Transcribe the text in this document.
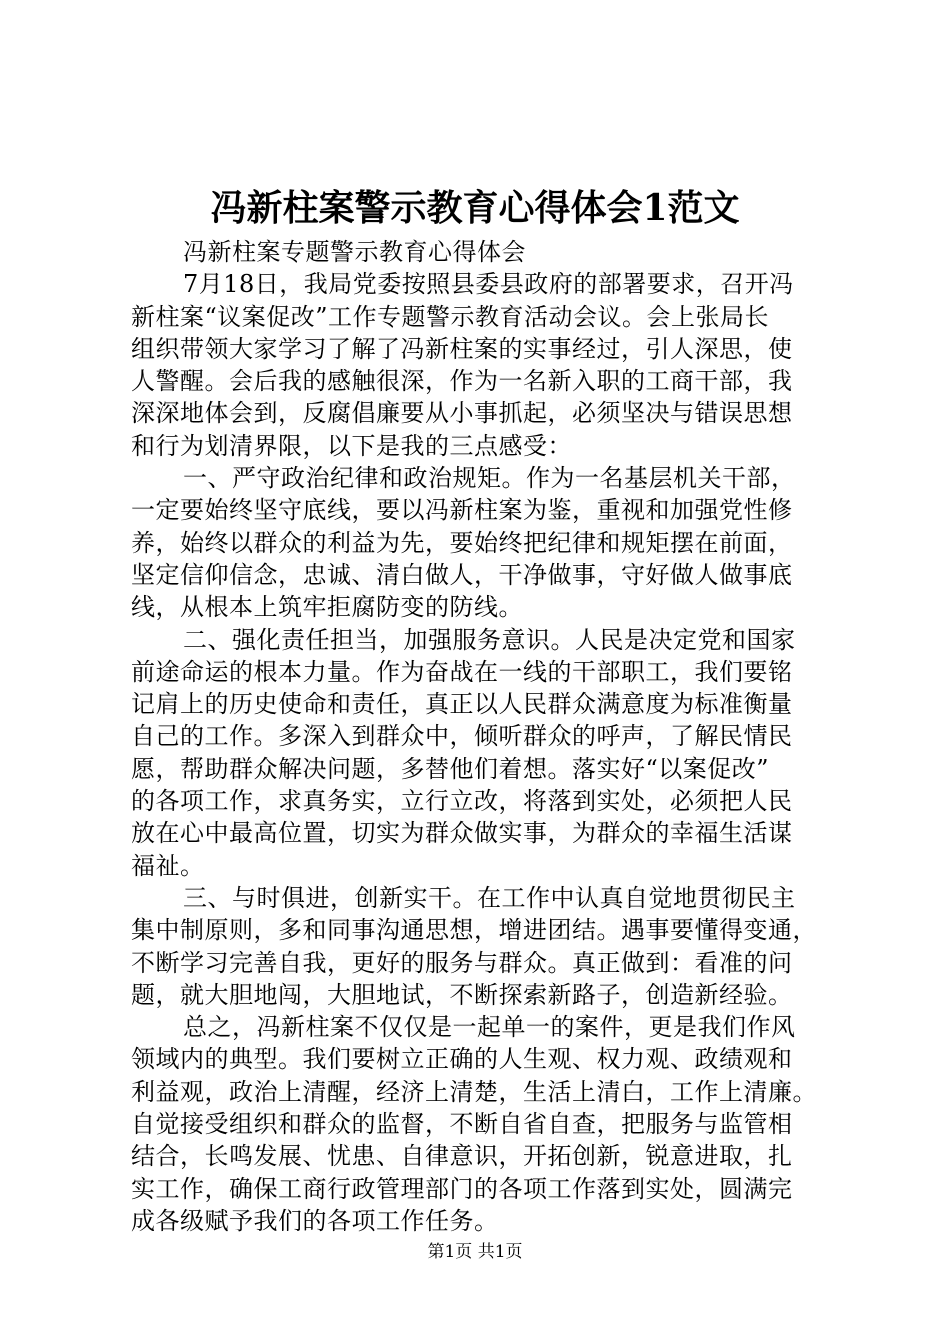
冯新柱案警示教育心得体会1范文
冯新柱案专题警示教育心得体会
7月18日，我局党委按照县委县政府的部署要求，召开冯
新柱案“议案促改”工作专题警示教育活动会议。会上张局长
组织带领大家学习了解了冯新柱案的实事经过，引人深思，使
人警醒。会后我的感触很深，作为一名新入职的工商干部，我
深深地体会到，反腐倡廉要从小事抓起，必须坚决与错误思想
和行为划清界限，以下是我的三点感受：
一、严守政治纪律和政治规矩。作为一名基层机关干部，
一定要始终坚守底线，要以冯新柱案为鉴，重视和加强党性修
养，始终以群众的利益为先，要始终把纪律和规矩摆在前面，
坚定信仰信念，忠诚、清白做人，干净做事，守好做人做事底
线，从根本上筑牢拒腐防变的防线。
二、强化责任担当，加强服务意识。人民是决定党和国家
前途命运的根本力量。作为奋战在一线的干部职工，我们要铭
记肩上的历史使命和责任，真正以人民群众满意度为标准衡量
自己的工作。多深入到群众中，倾听群众的呼声，了解民情民
愿，帮助群众解决问题，多替他们着想。落实好“以案促改”
的各项工作，求真务实，立行立改，将落到实处，必须把人民
放在心中最高位置，切实为群众做实事，为群众的幸福生活谋
福祉。
三、与时俱进，创新实干。在工作中认真自觉地贯彻民主
集中制原则，多和同事沟通思想，增进团结。遇事要懂得变通，
不断学习完善自我，更好的服务与群众。真正做到：看准的问
题，就大胆地闯，大胆地试，不断探索新路子，创造新经验。
总之，冯新柱案不仅仅是一起单一的案件，更是我们作风
领域内的典型。我们要树立正确的人生观、权力观、政绩观和
利益观，政治上清醒，经济上清楚，生活上清白，工作上清廉。
自觉接受组织和群众的监督，不断自省自查，把服务与监管相
结合，长鸣发展、忧患、自律意识，开拓创新，锐意进取，扎
实工作，确保工商行政管理部门的各项工作落到实处，圆满完
成各级赋予我们的各项工作任务。
第1页 共1页
